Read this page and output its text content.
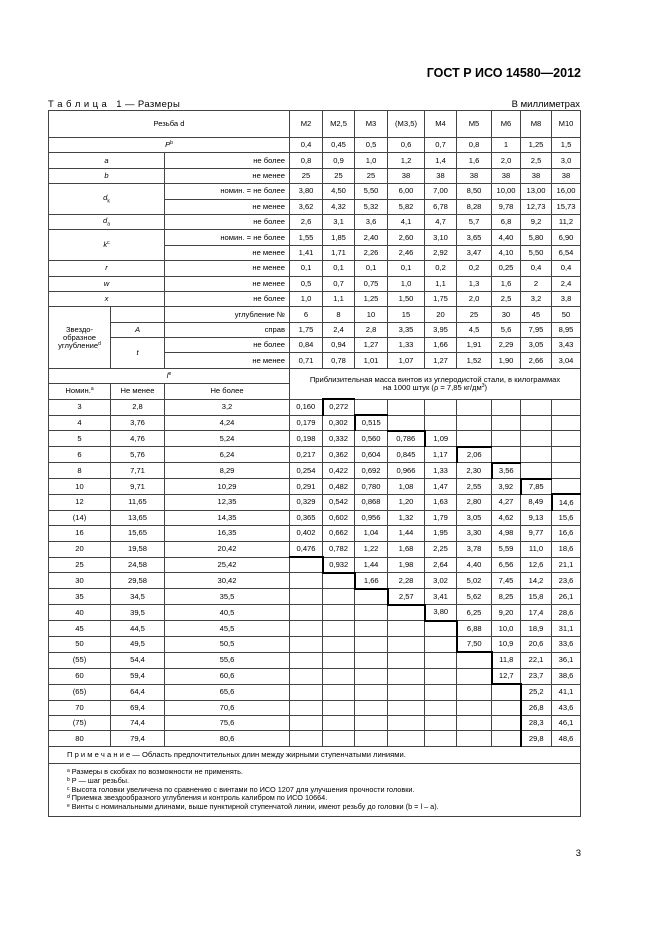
ГОСТ Р ИСО 14580—2012
Т а б л и ц а   1 — Размеры	В миллиметрах
Резьба d			M2	M2,5	M3	(M3,5)	M4	M5	M6	M8	M10
$P^b$			0,4	0,45	0,5	0,6	0,7	0,8	1	1,25	1,5
a		не более	0,8	0,9	1,0	1,2	1,4	1,6	2,0	2,5	3,0
b		не менее	25	25	25	38	38	38	38	38	38
$d_k$		номин. = не более	3,80	4,50	5,50	6,00	7,00	8,50	10,00	13,00	16,00
		не менее	3,62	4,32	5,32	5,82	6,78	8,28	9,78	12,73	15,73
$d_a$		не более	2,6	3,1	3,6	4,1	4,7	5,7	6,8	9,2	11,2
$k^c$		номин. = не более	1,55	1,85	2,40	2,60	3,10	3,65	4,40	5,80	6,90
		не менее	1,41	1,71	2,26	2,46	2,92	3,47	4,10	5,50	6,54
r		не менее	0,1	0,1	0,1	0,1	0,2	0,2	0,25	0,4	0,4
w		не менее	0,5	0,7	0,75	1,0	1,1	1,3	1,6	2	2,4
x		не более	1,0	1,1	1,25	1,50	1,75	2,0	2,5	3,2	3,8

Звездо-
образное
углубление$^d$		углубление №	6	8	10	15	20	25	30	45	50
	A	справ	1,75	2,4	2,8	3,35	3,95	4,5	5,6	7,95	8,95
	t	не более	0,84	0,94	1,27	1,33	1,66	1,91	2,29	3,05	3,43
		не менее	0,71	0,78	1,01	1,07	1,27	1,52	1,90	2,66	3,04
$l^e$			Приблизительная масса винтов из углеродистой стали, в килограммах
на 1000 штук (ρ = 7,85 $кг/дм^3$)								

Номин.$^a$	Не менее	Не более									
3	2,8	3,2	0,160	0,272							
4	3,76	4,24	0,179	0,302	0,515						
5	4,76	5,24	0,198	0,332	0,560	0,786	1,09				
6	5,76	6,24	0,217	0,362	0,604	0,845	1,17	2,06			
8	7,71	8,29	0,254	0,422	0,692	0,966	1,33	2,30	3,56		
10	9,71	10,29	0,291	0,482	0,780	1,08	1,47	2,55	3,92	7,85	
12	11,65	12,35	0,329	0,542	0,868	1,20	1,63	2,80	4,27	8,49	14,6
(14)	13,65	14,35	0,365	0,602	0,956	1,32	1,79	3,05	4,62	9,13	15,6
16	15,65	16,35	0,402	0,662	1,04	1,44	1,95	3,30	4,98	9,77	16,6
20	19,58	20,42	0,476	0,782	1,22	1,68	2,25	3,78	5,59	11,0	18,6
25	24,58	25,42		0,932	1,44	1,98	2,64	4,40	6,56	12,6	21,1
30	29,58	30,42			1,66	2,28	3,02	5,02	7,45	14,2	23,6
35	34,5	35,5				2,57	3,41	5,62	8,25	15,8	26,1
40	39,5	40,5					3,80	6,25	9,20	17,4	28,6
45	44,5	45,5						6,88	10,0	18,9	31,1
50	49,5	50,5						7,50	10,9	20,6	33,6
(55)	54,4	55,6							11,8	22,1	36,1
60	59,4	60,6							12,7	23,7	38,6
(65)	64,4	65,6								25,2	41,1
70	69,4	70,6								26,8	43,6
(75)	74,4	75,6								28,3	46,1
80	79,4	80,6								29,8	48,6
П р и м е ч а н и е — Область предпочтительных длин между жирными ступенчатыми линиями.											

$^a$ Размеры в скобках по возможности не применять.
$^b$ P — шаг резьбы.
$^c$ Высота головки увеличена по сравнению с винтами по ИСО 1207 для улучшения прочности головки.
$^d$ Приемка звездообразного углубления и контроль калибром по ИСО 10664.
$^e$ Винты с номинальными длинами, выше пунктирной ступенчатой линии, имеют резьбу до головки (b = l – a).											
3
